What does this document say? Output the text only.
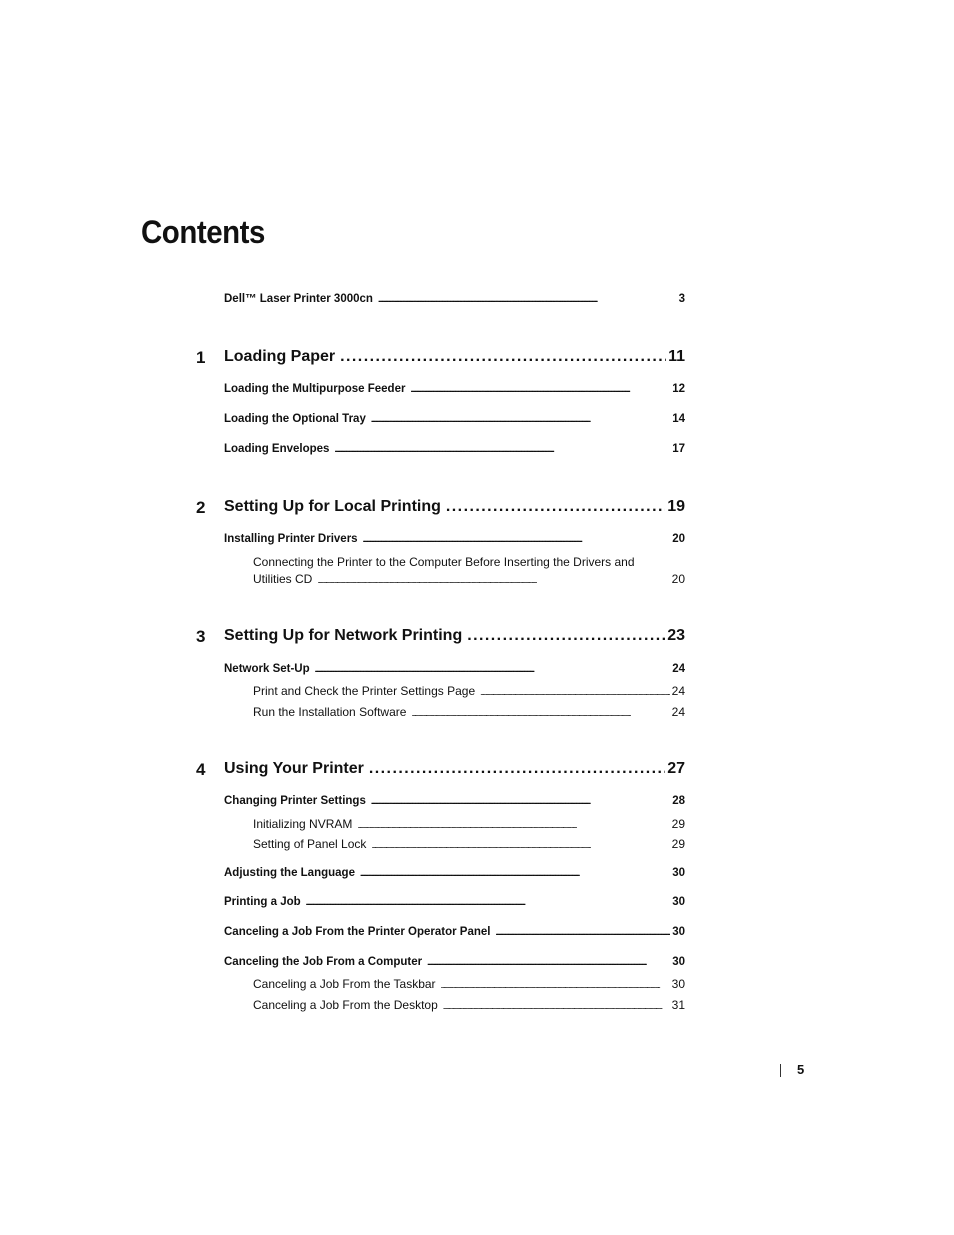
Contents
Dell™ Laser Printer 3000cn . . .	3
1 Loading Paper . . .	11
Loading the Multipurpose Feeder . . .	12
Loading the Optional Tray . . .	14
Loading Envelopes . . .	17
2 Setting Up for Local Printing . . .	19
Installing Printer Drivers . . .	20
Connecting the Printer to the Computer Before Inserting the Drivers and
Utilities CD . . .	20
3 Setting Up for Network Printing . . .	23
Network Set-Up . . .	24
Print and Check the Printer Settings Page . . .	24
Run the Installation Software . . .	24
4 Using Your Printer . . .	27
Changing Printer Settings . . .	28
Initializing NVRAM . . .	29
Setting of Panel Lock . . .	29
Adjusting the Language . . .	30
Printing a Job . . .	30
Canceling a Job From the Printer Operator Panel . . .	30
Canceling the Job From a Computer . . .	30
Canceling a Job From the Taskbar . . .	30
Canceling a Job From the Desktop . . .	31
5
